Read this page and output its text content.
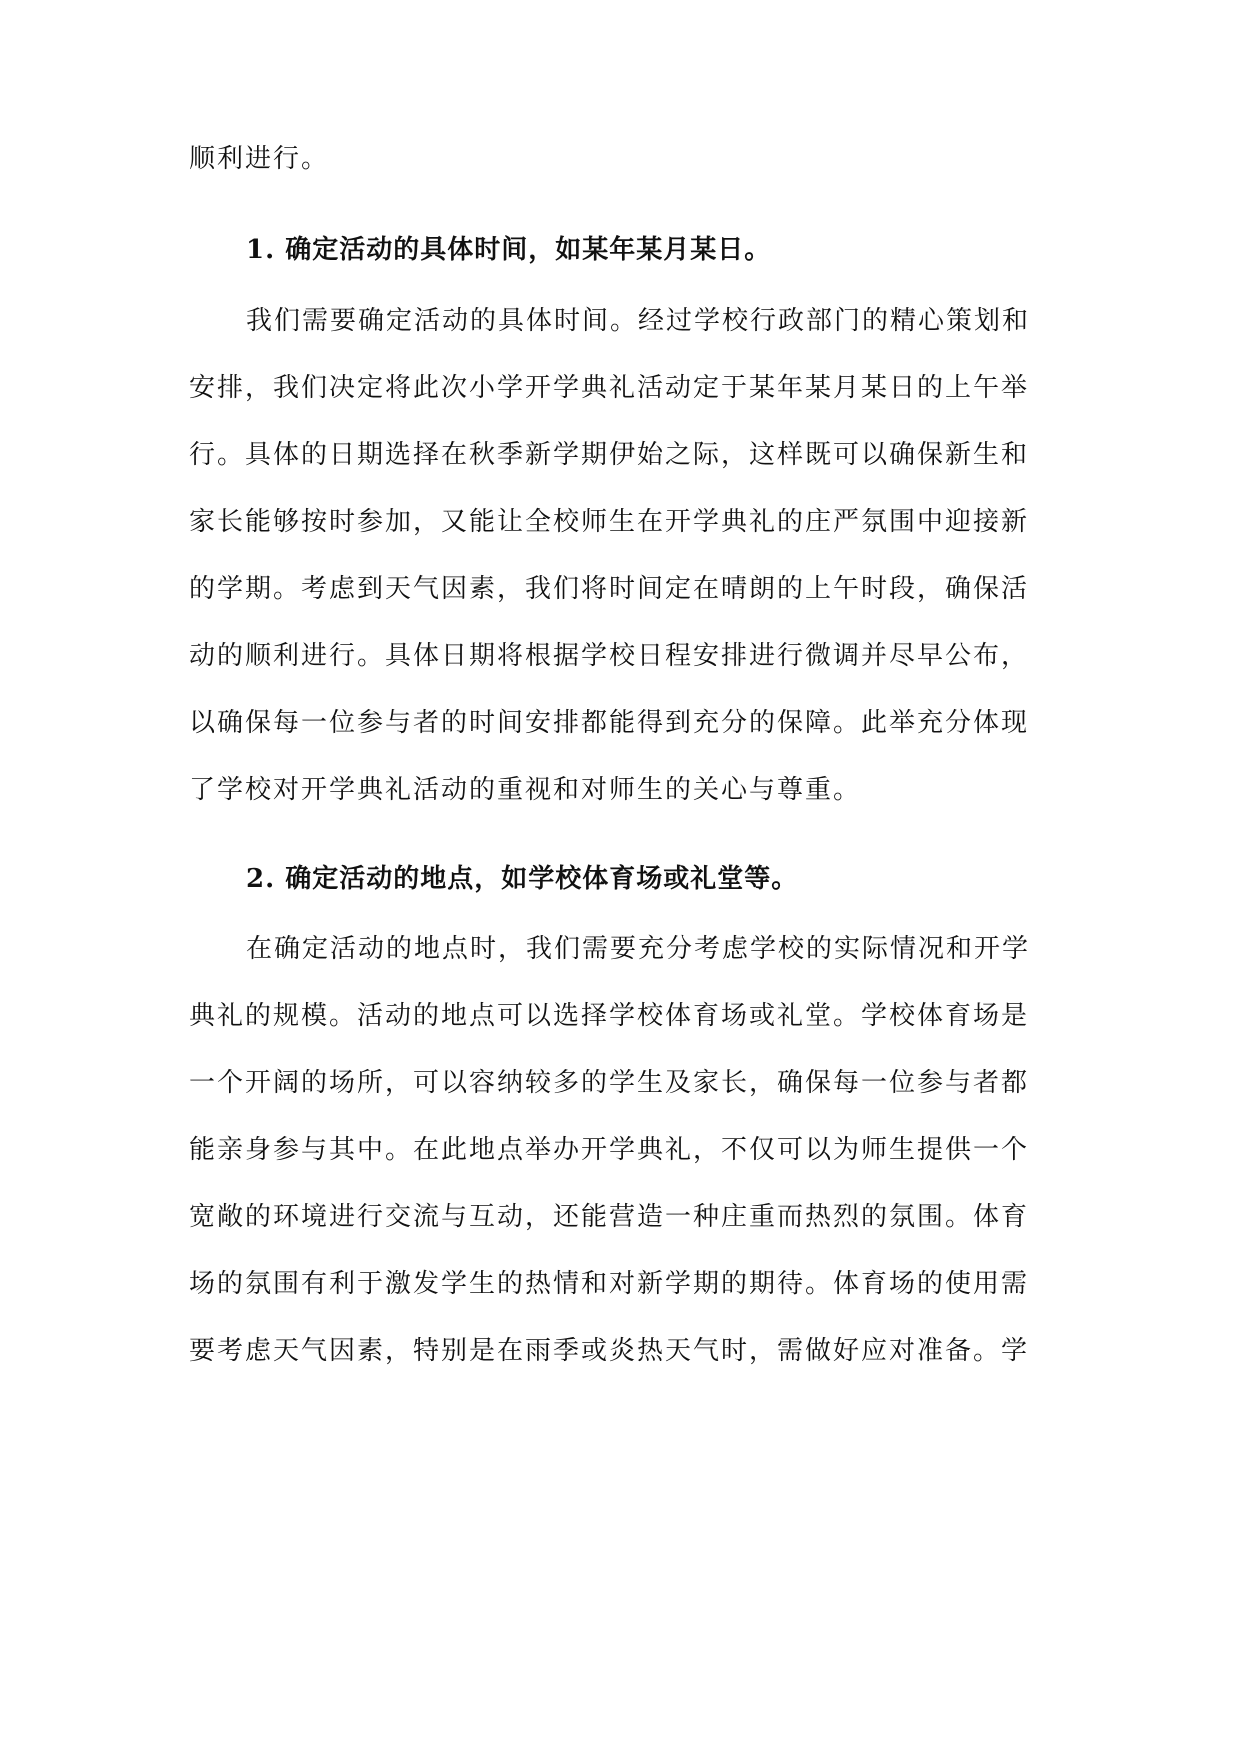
顺利进行。
1. 确定活动的具体时间，如某年某月某日。
我们需要确定活动的具体时间。经过学校行政部门的精心策划和
安排，我们决定将此次小学开学典礼活动定于某年某月某日的上午举
行。具体的日期选择在秋季新学期伊始之际，这样既可以确保新生和
家长能够按时参加，又能让全校师生在开学典礼的庄严氛围中迎接新
的学期。考虑到天气因素，我们将时间定在晴朗的上午时段，确保活
动的顺利进行。具体日期将根据学校日程安排进行微调并尽早公布，
以确保每一位参与者的时间安排都能得到充分的保障。此举充分体现
了学校对开学典礼活动的重视和对师生的关心与尊重。
2. 确定活动的地点，如学校体育场或礼堂等。
在确定活动的地点时，我们需要充分考虑学校的实际情况和开学
典礼的规模。活动的地点可以选择学校体育场或礼堂。学校体育场是
一个开阔的场所，可以容纳较多的学生及家长，确保每一位参与者都
能亲身参与其中。在此地点举办开学典礼，不仅可以为师生提供一个
宽敞的环境进行交流与互动，还能营造一种庄重而热烈的氛围。体育
场的氛围有利于激发学生的热情和对新学期的期待。体育场的使用需
要考虑天气因素，特别是在雨季或炎热天气时，需做好应对准备。学
